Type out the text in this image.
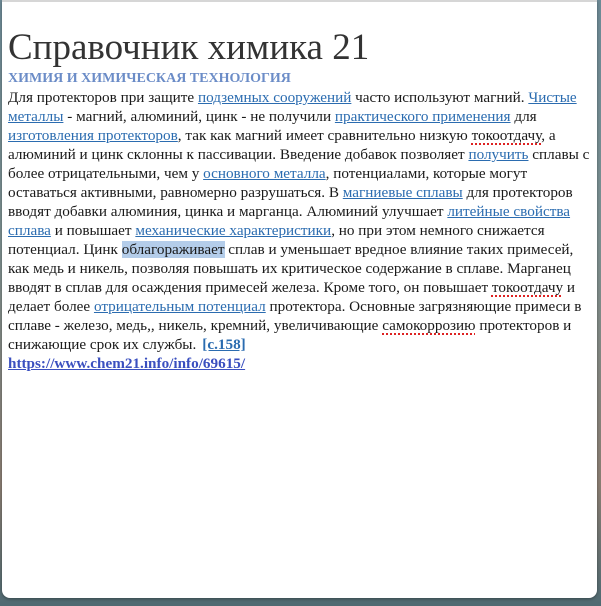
Справочник химика 21
ХИМИЯ И ХИМИЧЕСКАЯ ТЕХНОЛОГИЯ

Для протекторов при защите подземных сооружений часто используют магний. Чистые металлы - магний, алюминий, цинк - не получили практического применения для изготовления протекторов, так как магний имеет сравнительно низкую токоотдачу, а алюминий и цинк склонны к пассивации. Введение добавок позволяет получить сплавы с более отрицательными, чем у основного металла, потенциалами, которые могут оставаться активными, равномерно разрушаться. В магниевые сплавы для протекторов вводят добавки алюминия, цинка и марганца. Алюминий улучшает литейные свойства сплава и повышает механические характеристики, но при этом немного снижается потенциал. Цинк облагораживает сплав и уменьшает вредное влияние таких примесей, как медь и никель, позволяя повышать их критическое содержание в сплаве. Марганец вводят в сплав для осаждения примесей железа. Кроме того, он повышает токоотдачу и делает более отрицательным потенциал протектора. Основные загрязняющие примеси в сплаве - железо, медь,, никель, кремний, увеличивающие самокоррозию протекторов и снижающие срок их службы. [с.158]

https://www.chem21.info/info/69615/
